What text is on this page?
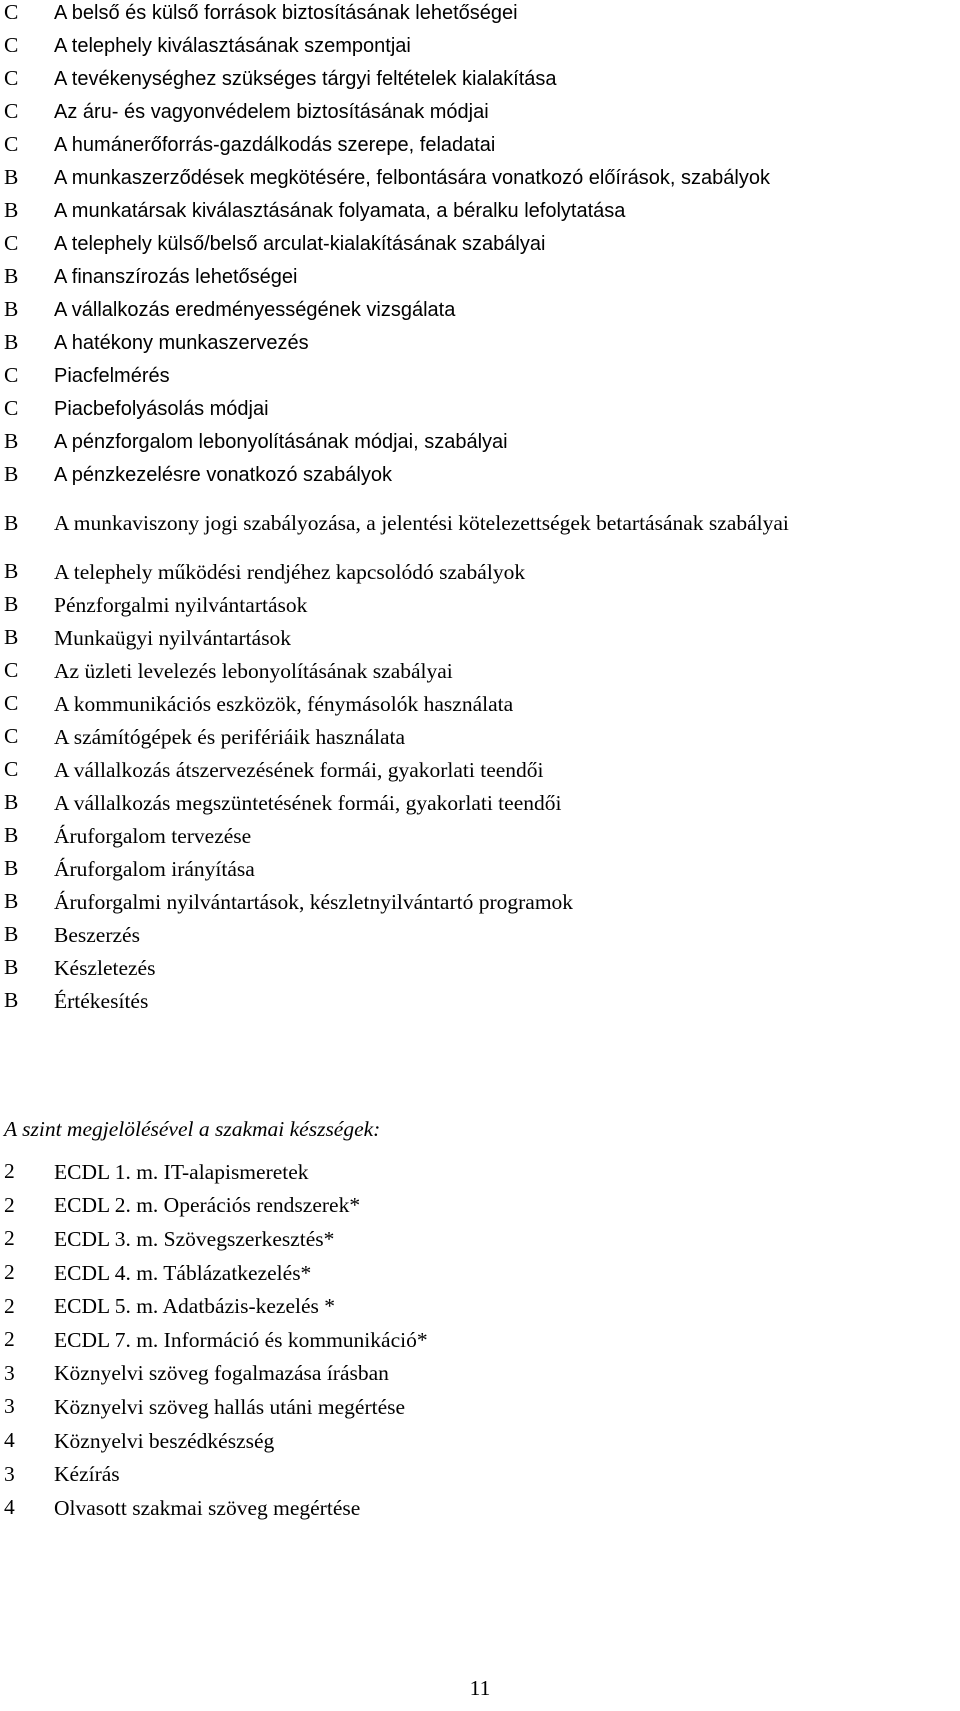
C	A belső és külső források biztosításának lehetőségei
C	A telephely kiválasztásának szempontjai
C	A tevékenységhez szükséges tárgyi feltételek kialakítása
C	Az áru- és vagyonvédelem biztosításának módjai
C	A humánerőforrás-gazdálkodás szerepe, feladatai
B	A munkaszerződések megkötésére, felbontására vonatkozó előírások, szabályok
B	A munkatársak kiválasztásának folyamata, a béralku lefolytatása
C	A telephely külső/belső arculat-kialakításának szabályai
B	A finanszírozás lehetőségei
B	A vállalkozás eredményességének vizsgálata
B	A hatékony munkaszervezés
C	Piacfelmérés
C	Piacbefolyásolás módjai
B	A pénzforgalom lebonyolításának módjai, szabályai
B	A pénzkezelésre vonatkozó szabályok
B	A munkaviszony jogi szabályozása, a jelentési kötelezettségek betartásának szabályai
B	A telephely működési rendjéhez kapcsolódó szabályok
B	Pénzforgalmi nyilvántartások
B	Munkaügyi nyilvántartások
C	Az üzleti levelezés lebonyolításának szabályai
C	A kommunikációs eszközök, fénymásolók használata
C	A számítógépek és perifériáik használata
C	A vállalkozás átszervezésének formái, gyakorlati teendői
B	A vállalkozás megszüntetésének formái, gyakorlati teendői
B	Áruforgalom tervezése
B	Áruforgalom irányítása
B	Áruforgalmi nyilvántartások, készletnyilvántartó programok
B	Beszerzés
B	Készletezés
B	Értékesítés
A szint megjelölésével a szakmai készségek:
2	ECDL 1. m. IT-alapismeretek
2	ECDL 2. m. Operációs rendszerek*
2	ECDL 3. m. Szövegszerkesztés*
2	ECDL 4. m. Táblázatkezelés*
2	ECDL 5. m. Adatbázis-kezelés *
2	ECDL 7. m. Információ és kommunikáció*
3	Köznyelvi szöveg fogalmazása írásban
3	Köznyelvi szöveg hallás utáni megértése
4	Köznyelvi beszédkészség
3	Kézírás
4	Olvasott szakmai szöveg megértése
11
